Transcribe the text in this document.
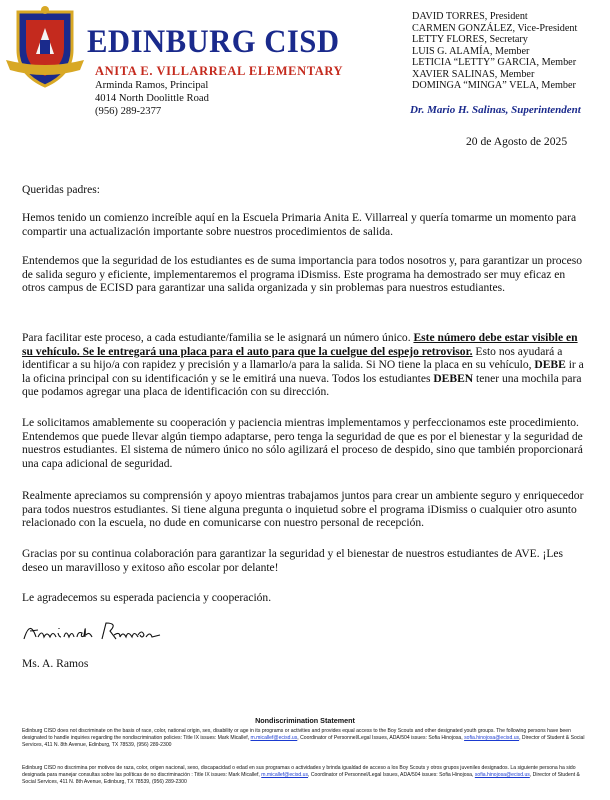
EDINBURG CISD
ANITA E. VILLARREAL ELEMENTARY
Arminda Ramos, Principal
4014 North Doolittle Road
(956) 289-2377
DAVID TORRES, President
CARMEN GONZÁLEZ, Vice-President
LETTY FLORES, Secretary
LUIS G. ALAMÍA, Member
LETICIA “LETTY” GARCIA, Member
XAVIER SALINAS, Member
DOMINGA “MINGA” VELA, Member
Dr. Mario H. Salinas, Superintendent
20 de Agosto de 2025
Queridas padres:
Hemos tenido un comienzo increíble aquí en la Escuela Primaria Anita E. Villarreal y quería tomarme un momento para compartir una actualización importante sobre nuestros procedimientos de salida.
Entendemos que la seguridad de los estudiantes es de suma importancia para todos nosotros y, para garantizar un proceso de salida seguro y eficiente, implementaremos el programa iDismiss. Este programa ha demostrado ser muy eficaz en otros campus de ECISD para garantizar una salida organizada y sin problemas para nuestros estudiantes.
Para facilitar este proceso, a cada estudiante/familia se le asignará un número único. Este número debe estar visible en su vehículo. Se le entregará una placa para el auto para que la cuelgue del espejo retrovisor. Esto nos ayudará a identificar a su hijo/a con rapidez y precisión y a llamarlo/a para la salida. Si NO tiene la placa en su vehículo, DEBE ir a la oficina principal con su identificación y se le emitirá una nueva. Todos los estudiantes DEBEN tener una mochila para que podamos agregar una placa de identificación con su dirección.
Le solicitamos amablemente su cooperación y paciencia mientras implementamos y perfeccionamos este procedimiento. Entendemos que puede llevar algún tiempo adaptarse, pero tenga la seguridad de que es por el bienestar y la seguridad de nuestros estudiantes. El sistema de número único no sólo agilizará el proceso de despido, sino que también proporcionará una capa adicional de seguridad.
Realmente apreciamos su comprensión y apoyo mientras trabajamos juntos para crear un ambiente seguro y enriquecedor para todos nuestros estudiantes. Si tiene alguna pregunta o inquietud sobre el programa iDismiss o cualquier otro asunto relacionado con la escuela, no dude en comunicarse con nuestro personal de recepción.
Gracias por su continua colaboración para garantizar la seguridad y el bienestar de nuestros estudiantes de AVE. ¡Les deseo un maravilloso y exitoso año escolar por delante!
Le agradecemos su esperada paciencia y cooperación.
Ms. A. Ramos
Nondiscrimination Statement
Edinburg CISD does not discriminate on the basis of race, color, national origin, sex, disability or age in its programs or activities and provides equal access to the Boy Scouts and other designated youth groups. The following persons have been designated to handle inquiries regarding the nondiscrimination policies: Title IX issues: Mark Micallef, m.micallef@ecisd.us, Coordinator of Personnel/Legal Issues, ADA/504 issues: Sofia Hinojosa, sofia.hinojosa@ecisd.us, Director of Student & Social Services, 411 N. 8th Avenue, Edinburg, TX 78539, (956) 289-2300
Edinburg CISD no discrimina por motivos de raza, color, origen nacional, sexo, discapacidad o edad en sus programas o actividades y brinda igualdad de acceso a los Boy Scouts y otros grupos juveniles designados. La siguiente persona ha sido designada para manejar consultas sobre las políticas de no discriminación : Title IX issues: Mark Micallef, m.micallef@ecisd.us, Coordinator of Personnel/Legal Issues, ADA/504 issues: Sofia Hinojosa, sofia.hinojosa@ecisd.us, Director of Student & Social Services, 411 N. 8th Avenue, Edinburg, TX 78539, (956) 289-2300
